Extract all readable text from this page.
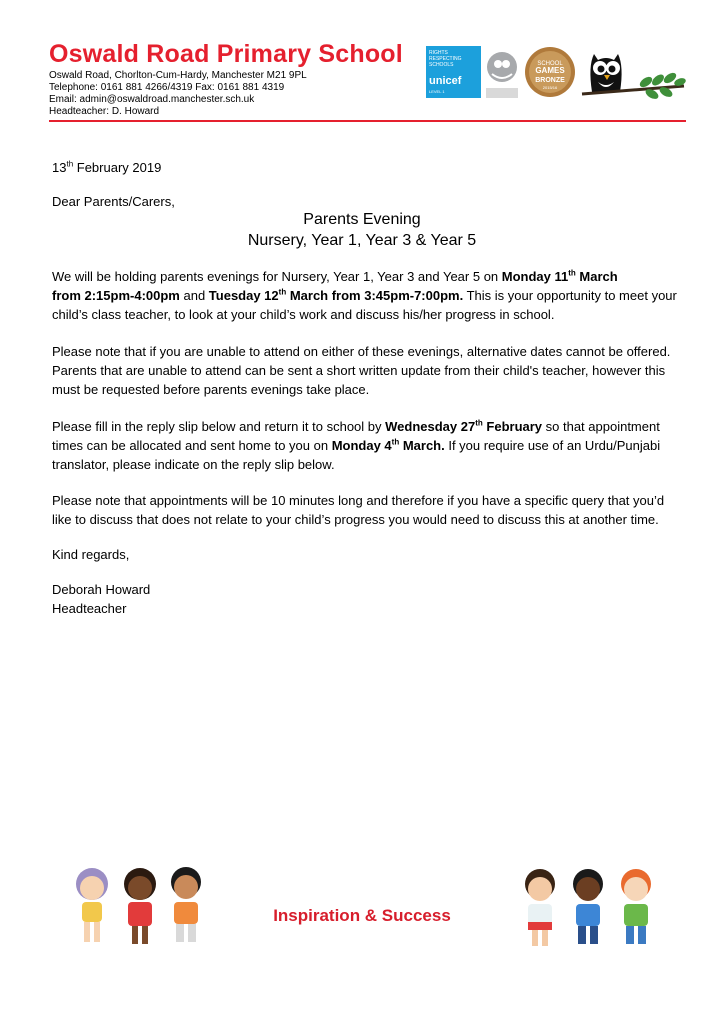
Oswald Road Primary School
Oswald Road, Chorlton-Cum-Hardy, Manchester M21 9PL
Telephone: 0161 881 4266/4319 Fax: 0161 881 4319
Email: admin@oswaldroad.manchester.sch.uk
Headteacher: D. Howard
RIGHTS RESPECTING SCHOOLS
unicef
LEVEL 1
SCHOOL
GAMES
BRONZE
2015/16
13th February 2019
Dear Parents/Carers,
Parents Evening
Nursery, Year 1, Year 3 & Year 5
We will be holding parents evenings for Nursery, Year 1, Year 3 and Year 5 on Monday 11th March
from 2:15pm-4:00pm and Tuesday 12th March from 3:45pm-7:00pm. This is your opportunity to meet your child’s class teacher, to look at your child’s work and discuss his/her progress in school.
Please note that if you are unable to attend on either of these evenings, alternative dates cannot be offered. Parents that are unable to attend can be sent a short written update from their child's teacher, however this must be requested before parents evenings take place.
Please fill in the reply slip below and return it to school by Wednesday 27th February so that appointment times can be allocated and sent home to you on Monday 4th March. If you require use of an Urdu/Punjabi translator, please indicate on the reply slip below.
Please note that appointments will be 10 minutes long and therefore if you have a specific query that you’d like to discuss that does not relate to your child’s progress you would need to discuss this at another time.
Kind regards,
Deborah Howard
Headteacher
Inspiration & Success
